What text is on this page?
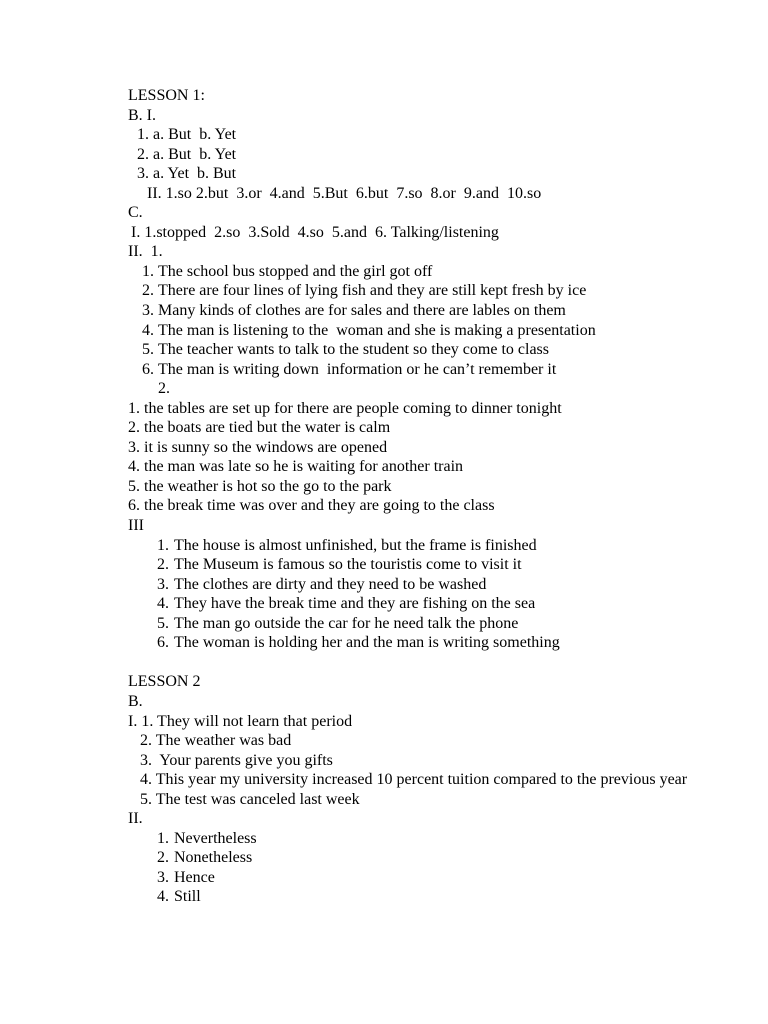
LESSON 1:
B. I.
1. a. But  b. Yet
2. a. But  b. Yet
3. a. Yet  b. But
II. 1.so 2.but  3.or  4.and  5.But  6.but  7.so  8.or  9.and  10.so
C.
I. 1.stopped  2.so  3.Sold  4.so  5.and  6. Talking/listening
II.  1.
1. The school bus stopped and the girl got off
2. There are four lines of lying fish and they are still kept fresh by ice
3. Many kinds of clothes are for sales and there are lables on them
4. The man is listening to the  woman and she is making a presentation
5. The teacher wants to talk to the student so they come to class
6. The man is writing down  information or he can’t remember it
2.
1. the tables are set up for there are people coming to dinner tonight
2. the boats are tied but the water is calm
3. it is sunny so the windows are opened
4. the man was late so he is waiting for another train
5. the weather is hot so the go to the park
6. the break time was over and they are going to the class
III
1. The house is almost unfinished, but the frame is finished
2. The Museum is famous so the touristis come to visit it
3. The clothes are dirty and they need to be washed
4. They have the break time and they are fishing on the sea
5. The man go outside the car for he need talk the phone
6. The woman is holding her and the man is writing something
LESSON 2
B.
I. 1. They will not learn that period
2. The weather was bad
3.  Your parents give you gifts
4. This year my university increased 10 percent tuition compared to the previous year
5. The test was canceled last week
II.
1. Nevertheless
2. Nonetheless
3. Hence
4. Still
